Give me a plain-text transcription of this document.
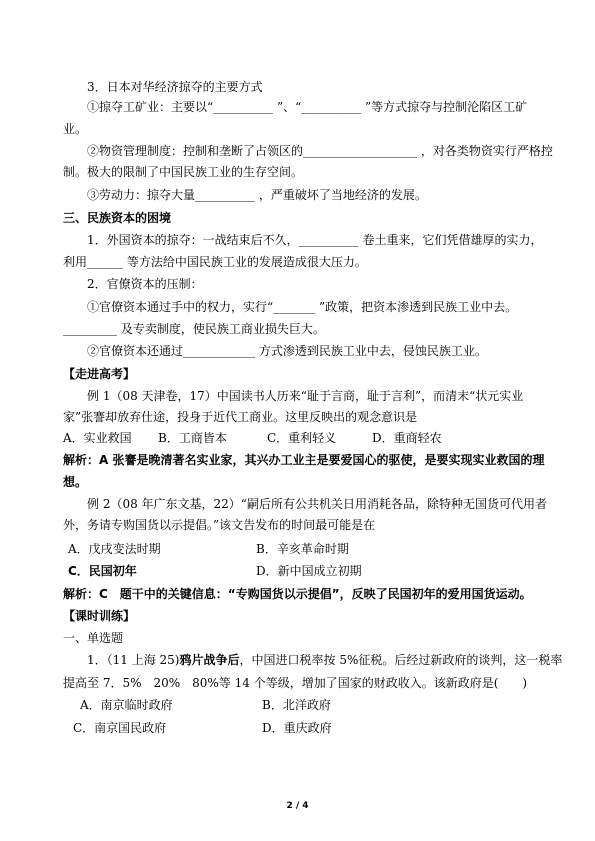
3．日本对华经济掠夺的主要方式
①掠夺工矿业：主要以“__________ ”、“__________ ”等方式掠夺与控制沦陷区工矿
业。
②物资管理制度：控制和垄断了占领区的___________________ ，对各类物资实行严格控
制。极大的限制了中国民族工业的生存空间。
③劳动力：掠夺大量__________ ，严重破坏了当地经济的发展。
三、民族资本的困境
1．外国资本的掠夺：一战结束后不久，__________ 卷土重来，它们凭借雄厚的实力，
利用______ 等方法给中国民族工业的发展造成很大压力。
2．官僚资本的压制：
①官僚资本通过手中的权力，实行“_______ ”政策，把资本渗透到民族工业中去。
_________ 及专卖制度，使民族工商业损失巨大。
②官僚资本还通过____________ 方式渗透到民族工业中去，侵蚀民族工业。
【走进高考】
例 1（08 天津卷，17）中国读书人历来“耻于言商，耻于言利”，而清末“状元实业
家”张謇却放弃仕途，投身于近代工商业。这里反映出的观念意识是
A．实业救国 B．工商皆本	C．重利轻义	D．重商轻农
解析：A 张謇是晚清著名实业家，其兴办工业主是要爱国心的驱使，是要实现实业救国的理
想。
例 2（08 年广东文基，22）“嗣后所有公共机关日用消耗各品，除特种无国货可代用者
外，务请专购国货以示提倡。”该文告发布的时间最可能是在
A．戊戌变法时期	B．辛亥革命时期
C．民国初年	D．新中国成立初期
解析：C　题干中的关键信息：“专购国货以示提倡”，反映了民国初年的爱用国货运动。
【课时训练】
一、单选题
1．（11 上海 25)鸦片战争后，中国进口税率按 5%征税。后经过新政府的谈判，这一税率
提高至 7．5%　20%　80%等 14 个等级，增加了国家的财政收入。该新政府是(　　)
A．南京临时政府	B．北洋政府
C．南京国民政府	D．重庆政府
2 / 4
